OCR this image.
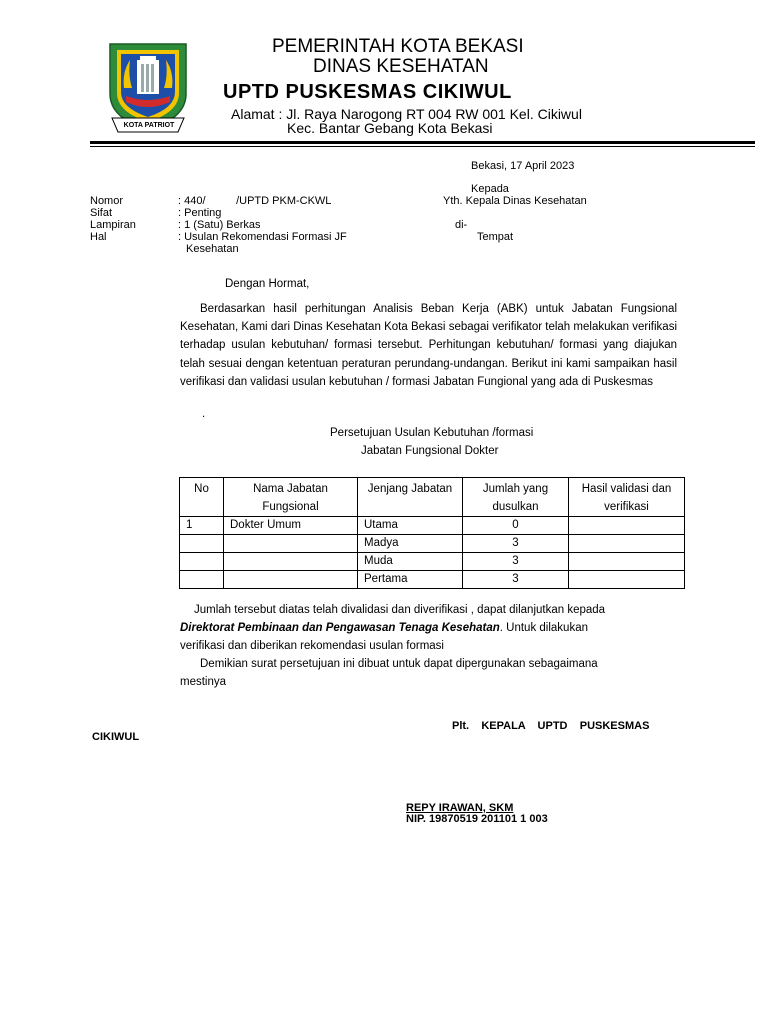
KOTA PATRIOT
PEMERINTAH KOTA BEKASI
DINAS KESEHATAN
UPTD PUSKESMAS CIKIWUL
Alamat : Jl. Raya Narogong RT 004 RW 001 Kel. Cikiwul
Kec. Bantar Gebang Kota Bekasi
Bekasi, 17 April 2023
Kepada
Yth. Kepala Dinas Kesehatan
di-
Tempat
Nomor	: 440/          /UPTD PKM-CKWL
Sifat	: Penting
Lampiran	: 1 (Satu) Berkas
Hal	: Usulan Rekomendasi Formasi JF
Kesehatan
Dengan Hormat,
Berdasarkan hasil perhitungan Analisis Beban Kerja (ABK) untuk Jabatan Fungsional Kesehatan, Kami dari Dinas Kesehatan Kota Bekasi sebagai verifikator telah melakukan verifikasi terhadap usulan kebutuhan/ formasi tersebut. Perhitungan kebutuhan/ formasi yang diajukan telah sesuai dengan ketentuan peraturan perundang-undangan. Berikut ini kami sampaikan hasil verifikasi dan validasi usulan kebutuhan / formasi Jabatan Fungional yang ada di Puskesmas
.
Persetujuan Usulan Kebutuhan /formasi
Jabatan Fungsional Dokter
No	Nama Jabatan Fungsional	Jenjang Jabatan	Jumlah yang dusulkan	Hasil validasi dan verifikasi
1	Dokter Umum	Utama	0	
		Madya	3	
		Muda	3	
		Pertama	3	
Jumlah tersebut diatas telah divalidasi dan diverifikasi , dapat dilanjutkan kepada
Direktorat Pembinaan dan Pengawasan Tenaga Kesehatan. Untuk dilakukan
verifikasi dan diberikan rekomendasi usulan formasi
Demikian surat persetujuan ini dibuat untuk dapat dipergunakan sebagaimana
mestinya
Plt.    KEPALA    UPTD    PUSKESMAS
CIKIWUL
REPY IRAWAN, SKM
NIP. 19870519 201101 1 003
